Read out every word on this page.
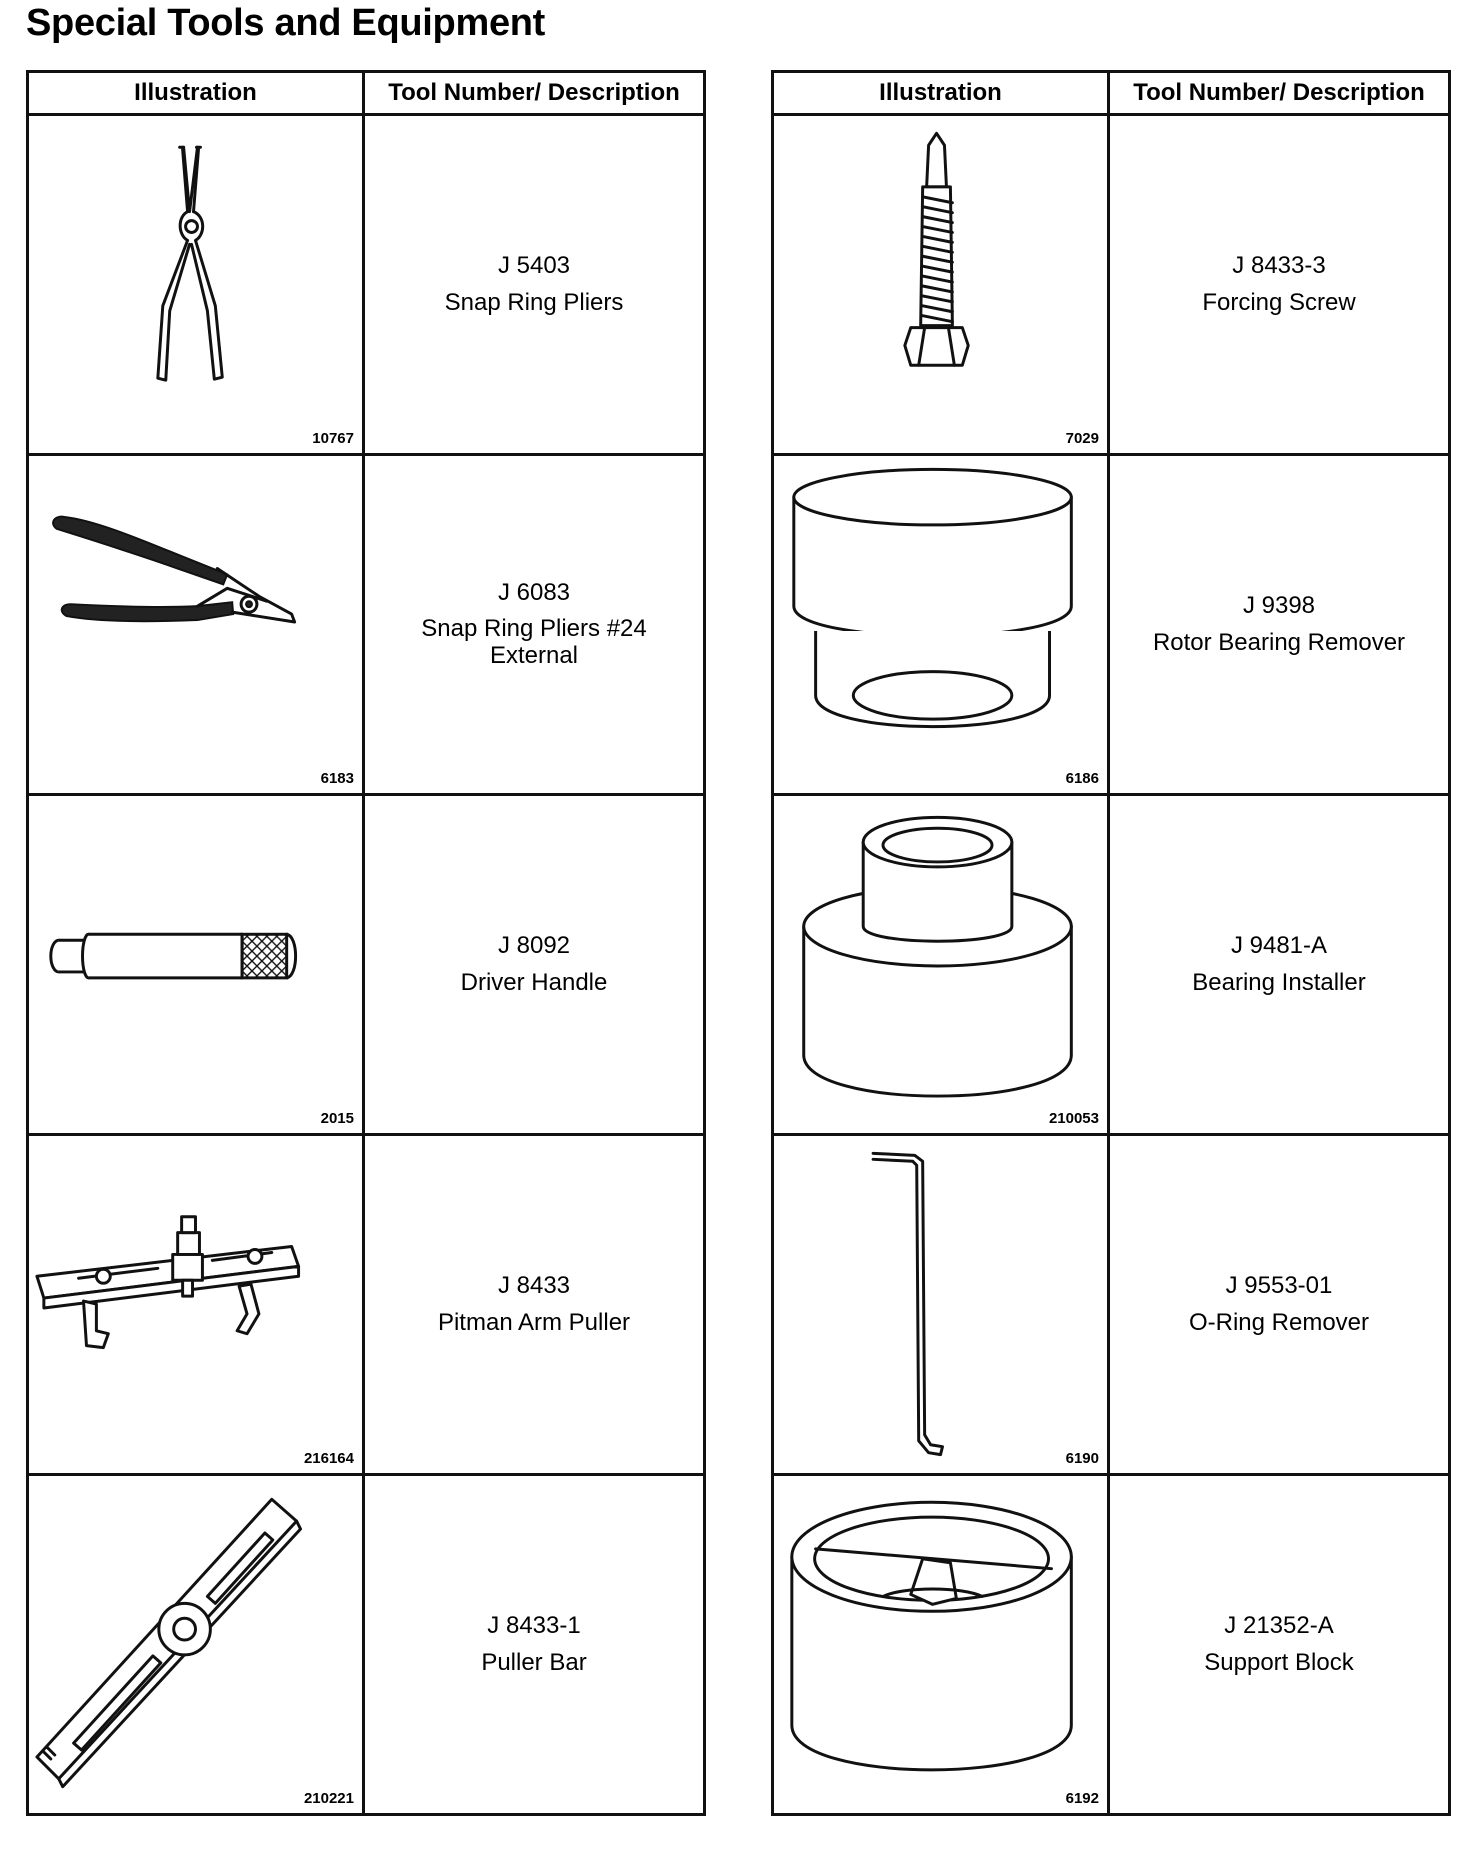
Special Tools and Equipment
Illustration	Tool Number/ Description

10767	J 5403
Snap Ring Pliers

6183	J 6083
Snap Ring Pliers #24
External

2015	J 8092
Driver Handle

216164	J 8433
Pitman Arm Puller

210221	J 8433-1
Puller Bar
Illustration	Tool Number/ Description

7029	J 8433-3
Forcing Screw

6186	J 9398
Rotor Bearing Remover

210053	J 9481-A
Bearing Installer

6190	J 9553-01
O-Ring Remover

6192	J 21352-A
Support Block
